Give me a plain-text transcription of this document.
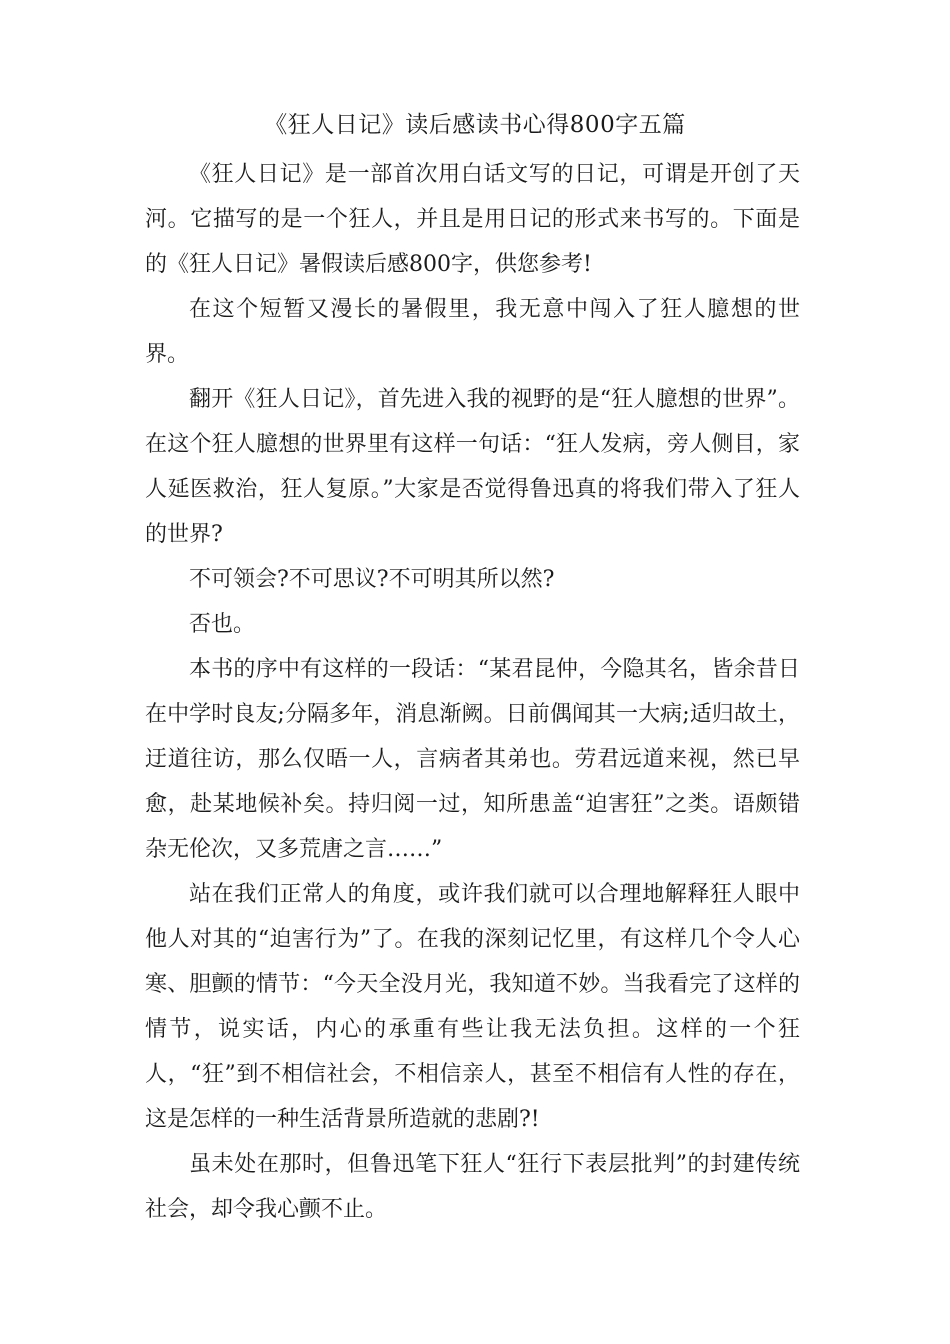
《狂人日记》读后感读书心得800字五篇

《狂人日记》是一部首次用白话文写的日记，可谓是开创了天河。它描写的是一个狂人，并且是用日记的形式来书写的。下面是的《狂人日记》暑假读后感800字，供您参考!

在这个短暂又漫长的暑假里，我无意中闯入了狂人臆想的世界。

翻开《狂人日记》，首先进入我的视野的是“狂人臆想的世界”。在这个狂人臆想的世界里有这样一句话：“狂人发病，旁人侧目，家人延医救治，狂人复原。”大家是否觉得鲁迅真的将我们带入了狂人的世界?

不可领会?不可思议?不可明其所以然?

否也。

本书的序中有这样的一段话：“某君昆仲，今隐其名，皆余昔日在中学时良友;分隔多年，消息渐阙。日前偶闻其一大病;适归故土，迂道往访，那么仅晤一人，言病者其弟也。劳君远道来视，然已早愈，赴某地候补矣。持归阅一过，知所患盖“迫害狂”之类。语颇错杂无伦次，又多荒唐之言……”

站在我们正常人的角度，或许我们就可以合理地解释狂人眼中他人对其的“迫害行为”了。在我的深刻记忆里，有这样几个令人心寒、胆颤的情节：“今天全没月光，我知道不妙。当我看完了这样的情节，说实话，内心的承重有些让我无法负担。这样的一个狂人，“狂”到不相信社会，不相信亲人，甚至不相信有人性的存在，这是怎样的一种生活背景所造就的悲剧?!

虽未处在那时，但鲁迅笔下狂人“狂行下表层批判”的封建传统社会，却令我心颤不止。
